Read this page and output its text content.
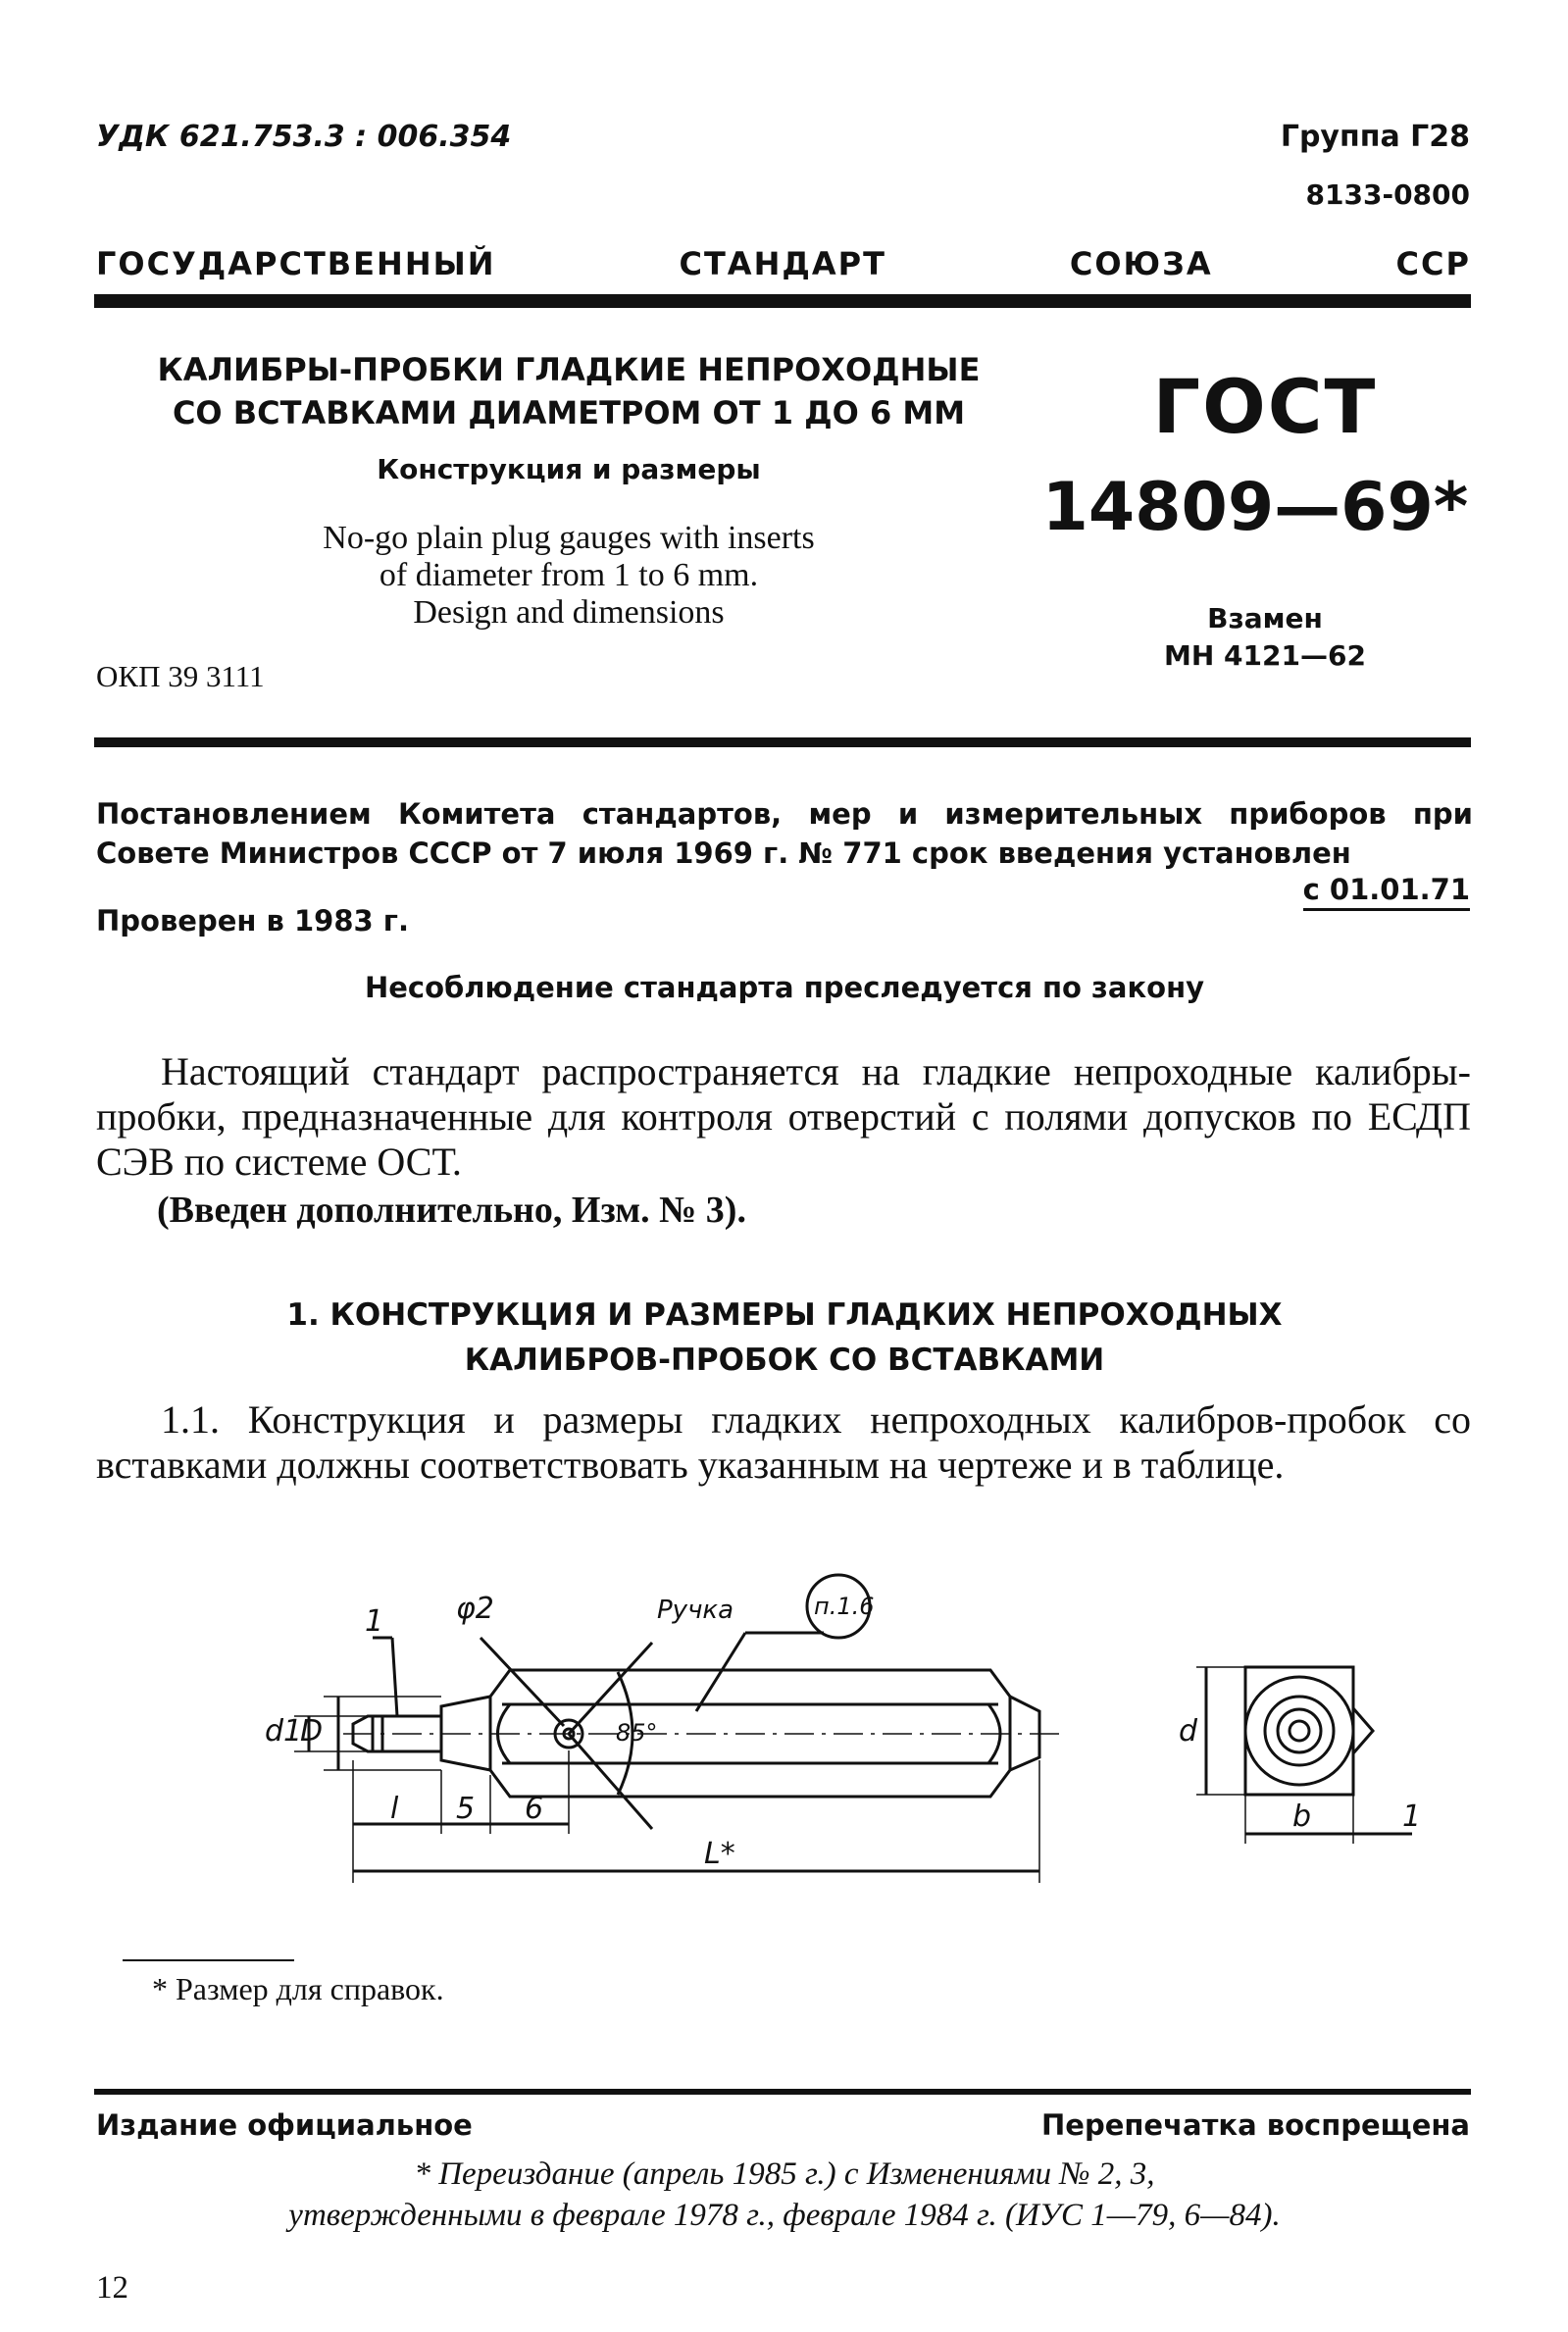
УДК 621.753.3 : 006.354	Группа Г28
8133-0800
ГОСУДАРСТВЕННЫЙ	СТАНДАРТ	СОЮЗА	ССР
КАЛИБРЫ-ПРОБКИ ГЛАДКИЕ НЕПРОХОДНЫЕ
СО ВСТАВКАМИ ДИАМЕТРОМ ОТ 1 ДО 6 ММ
Конструкция и размеры
No-go plain plug gauges with inserts
of diameter from 1 to 6 mm.
Design and dimensions
ОКП 39 3111
ГОСТ
14809—69*
Взамен
МН 4121—62
Постановлением Комитета стандартов, мер и измерительных приборов при Совете Министров СССР от 7 июля 1969 г. № 771 срок введения установлен
с 01.01.71
Проверен в 1983 г.
Несоблюдение стандарта преследуется по закону
Настоящий стандарт распространяется на гладкие непроходные калибры-пробки, предназначенные для контроля отверстий с полями допусков по ЕСДП СЭВ по системе ОСТ.
(Введен дополнительно, Изм. № 3).
1. КОНСТРУКЦИЯ И РАЗМЕРЫ ГЛАДКИХ НЕПРОХОДНЫХ
КАЛИБРОВ-ПРОБОК СО ВСТАВКАМИ
1.1. Конструкция и размеры гладких непроходных калибров-пробок со вставками должны соответствовать указанным на чертеже и в таблице.
1 φ2	Ручка	п.1.6
85°
d1
D
l 5 6
L*
d
b	1
* Размер для справок.
Издание официальное	Перепечатка воспрещена
* Переиздание (апрель 1985 г.) с Изменениями № 2, 3,
утвержденными в феврале 1978 г., феврале 1984 г. (ИУС 1—79, 6—84).
12
